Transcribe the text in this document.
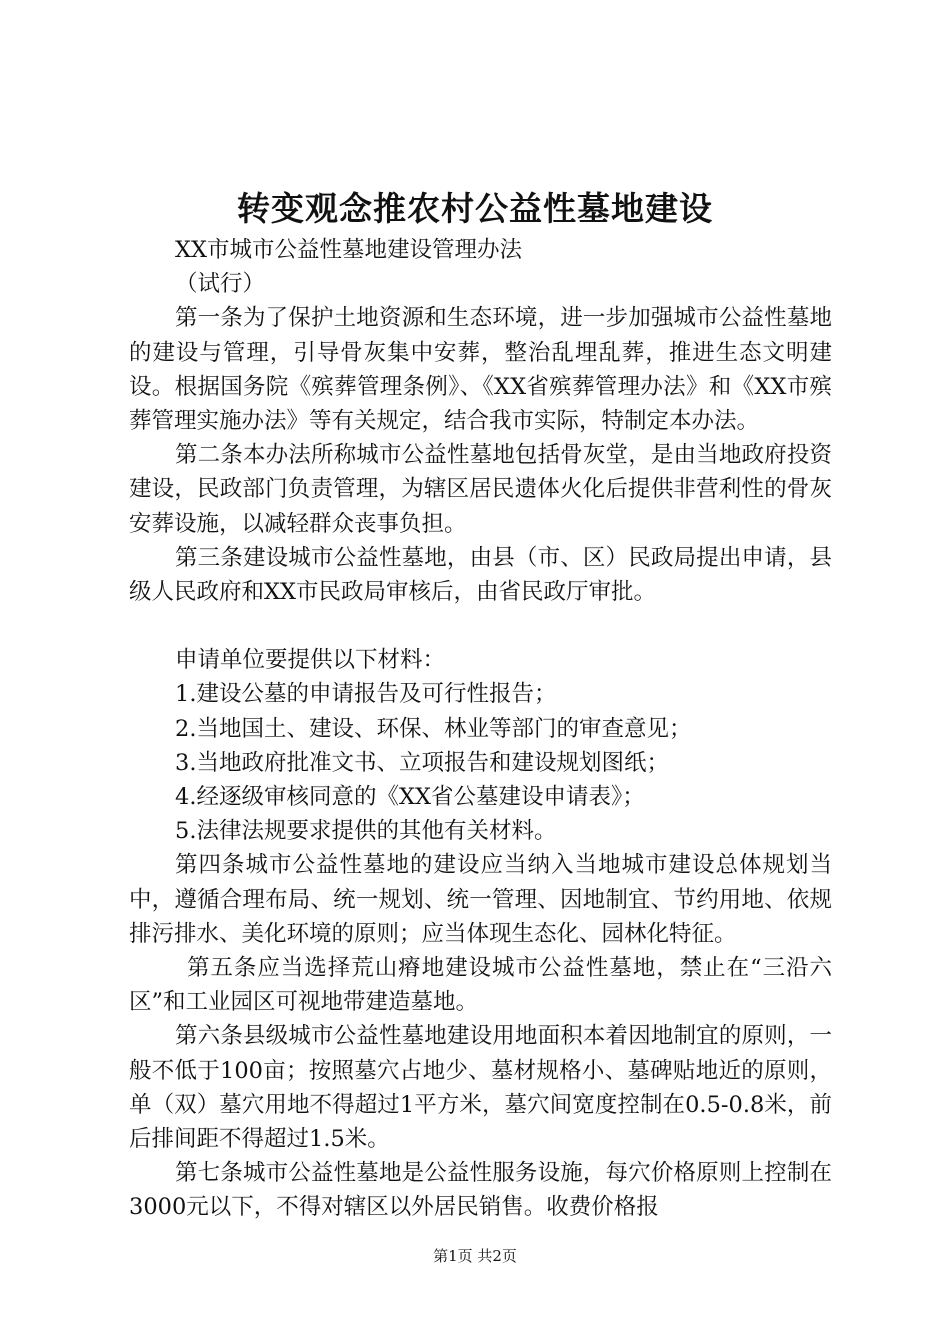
转变观念推农村公益性墓地建设

XX市城市公益性墓地建设管理办法

（试行）

第一条为了保护土地资源和生态环境，进一步加强城市公益性墓地的建设与管理，引导骨灰集中安葬，整治乱埋乱葬，推进生态文明建设。根据国务院《殡葬管理条例》、《XX省殡葬管理办法》和《XX市殡葬管理实施办法》等有关规定，结合我市实际，特制定本办法。

第二条本办法所称城市公益性墓地包括骨灰堂，是由当地政府投资建设，民政部门负责管理，为辖区居民遗体火化后提供非营利性的骨灰安葬设施，以减轻群众丧事负担。

第三条建设城市公益性墓地，由县（市、区）民政局提出申请，县级人民政府和XX市民政局审核后，由省民政厅审批。

申请单位要提供以下材料：

1.建设公墓的申请报告及可行性报告；

2.当地国土、建设、环保、林业等部门的审查意见；

3.当地政府批准文书、立项报告和建设规划图纸；

4.经逐级审核同意的《XX省公墓建设申请表》；

5.法律法规要求提供的其他有关材料。

第四条城市公益性墓地的建设应当纳入当地城市建设总体规划当中，遵循合理布局、统一规划、统一管理、因地制宜、节约用地、依规排污排水、美化环境的原则；应当体现生态化、园林化特征。

第五条应当选择荒山瘠地建设城市公益性墓地，禁止在“三沿六区”和工业园区可视地带建造墓地。

第六条县级城市公益性墓地建设用地面积本着因地制宜的原则，一般不低于100亩；按照墓穴占地少、墓材规格小、墓碑贴地近的原则，单（双）墓穴用地不得超过1平方米，墓穴间宽度控制在0.5-0.8米，前后排间距不得超过1.5米。

第七条城市公益性墓地是公益性服务设施，每穴价格原则上控制在3000元以下，不得对辖区以外居民销售。收费价格报

第1页 共2页
